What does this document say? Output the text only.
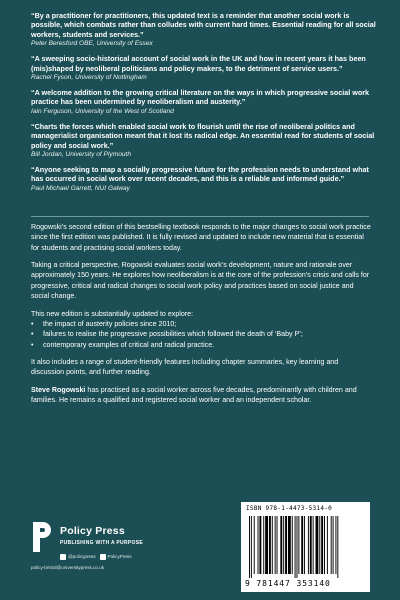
“By a practitioner for practitioners, this updated text is a reminder that another social work is possible, which combats rather than colludes with current hard times. Essential reading for all social workers, students and services.”
Peter Beresford OBE, University of Essex
“A sweeping socio-historical account of social work in the UK and how in recent years it has been (mis)shaped by neoliberal politicians and policy makers, to the detriment of service users.”
Rachel Fyson, University of Nottingham
“A welcome addition to the growing critical literature on the ways in which progressive social work practice has been undermined by neoliberalism and austerity.”
Iain Ferguson, University of the West of Scotland
“Charts the forces which enabled social work to flourish until the rise of neoliberal politics and managerialist organisation meant that it lost its radical edge. An essential read for students of social policy and social work.”
Bill Jordan, University of Plymouth
“Anyone seeking to map a socially progressive future for the profession needs to understand what has occurred in social work over recent decades, and this is a reliable and informed guide.”
Paul Michael Garrett, NUI Galway

Rogowski’s second edition of this bestselling textbook responds to the major changes to social work practice since the first edition was published. It is fully revised and updated to include new material that is essential for students and practising social workers today.

Taking a critical perspective, Rogowski evaluates social work’s development, nature and rationale over approximately 150 years. He explores how neoliberalism is at the core of the profession’s crisis and calls for progressive, critical and radical changes to social work policy and practices based on social justice and social change.

This new edition is substantially updated to explore:

• the impact of austerity policies since 2010;
• failures to realise the progressive possibilities which followed the death of ‘Baby P’;
• contemporary examples of critical and radical practice.

It also includes a range of student-friendly features including chapter summaries, key learning and discussion points, and further reading.

Steve Rogowski has practised as a social worker across five decades, predominantly with children and families. He remains a qualified and registered social worker and an independent scholar.

Policy Press
PUBLISHING WITH A PURPOSE
@policypress	PolicyPress
policy-bristol@universitypress.co.uk
ISBN 978-1-4473-5314-0
9 781447 353140
